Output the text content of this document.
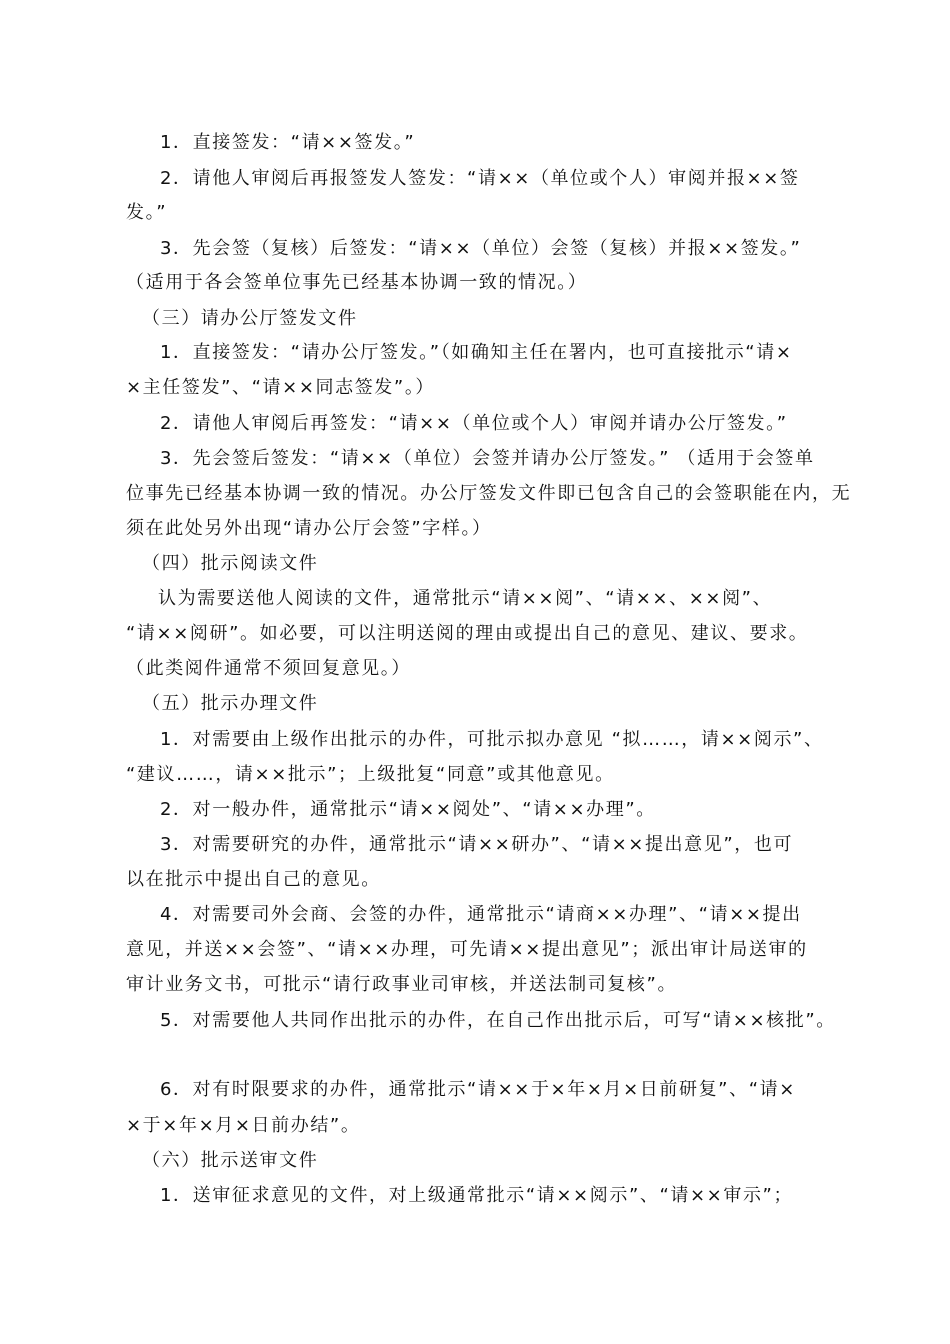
1．直接签发：“请××签发。”
2．请他人审阅后再报签发人签发：“请××（单位或个人）审阅并报××签
发。”
3．先会签（复核）后签发：“请××（单位）会签（复核）并报××签发。”
（适用于各会签单位事先已经基本协调一致的情况。）
（三）请办公厅签发文件
1．直接签发：“请办公厅签发。”（如确知主任在署内，也可直接批示“请×
×主任签发”、“请××同志签发”。）
2．请他人审阅后再签发：“请××（单位或个人）审阅并请办公厅签发。”
3．先会签后签发：“请××（单位）会签并请办公厅签发。” （适用于会签单
位事先已经基本协调一致的情况。办公厅签发文件即已包含自己的会签职能在内，无
须在此处另外出现“请办公厅会签”字样。）
（四）批示阅读文件
认为需要送他人阅读的文件，通常批示“请××阅”、“请××、××阅”、
“请××阅研”。如必要，可以注明送阅的理由或提出自己的意见、建议、要求。
（此类阅件通常不须回复意见。）
（五）批示办理文件
1．对需要由上级作出批示的办件，可批示拟办意见 “拟……，请××阅示”、
“建议……，请××批示”；上级批复“同意”或其他意见。
2．对一般办件，通常批示“请××阅处”、“请××办理”。
3．对需要研究的办件，通常批示“请××研办”、“请××提出意见”，也可
以在批示中提出自己的意见。
4．对需要司外会商、会签的办件，通常批示“请商××办理”、“请××提出
意见，并送××会签”、“请××办理，可先请××提出意见”；派出审计局送审的
审计业务文书，可批示“请行政事业司审核，并送法制司复核”。
5．对需要他人共同作出批示的办件，在自己作出批示后，可写“请××核批”。
6．对有时限要求的办件，通常批示“请××于×年×月×日前研复”、“请×
×于×年×月×日前办结”。
（六）批示送审文件
1．送审征求意见的文件，对上级通常批示“请××阅示”、“请××审示”；
